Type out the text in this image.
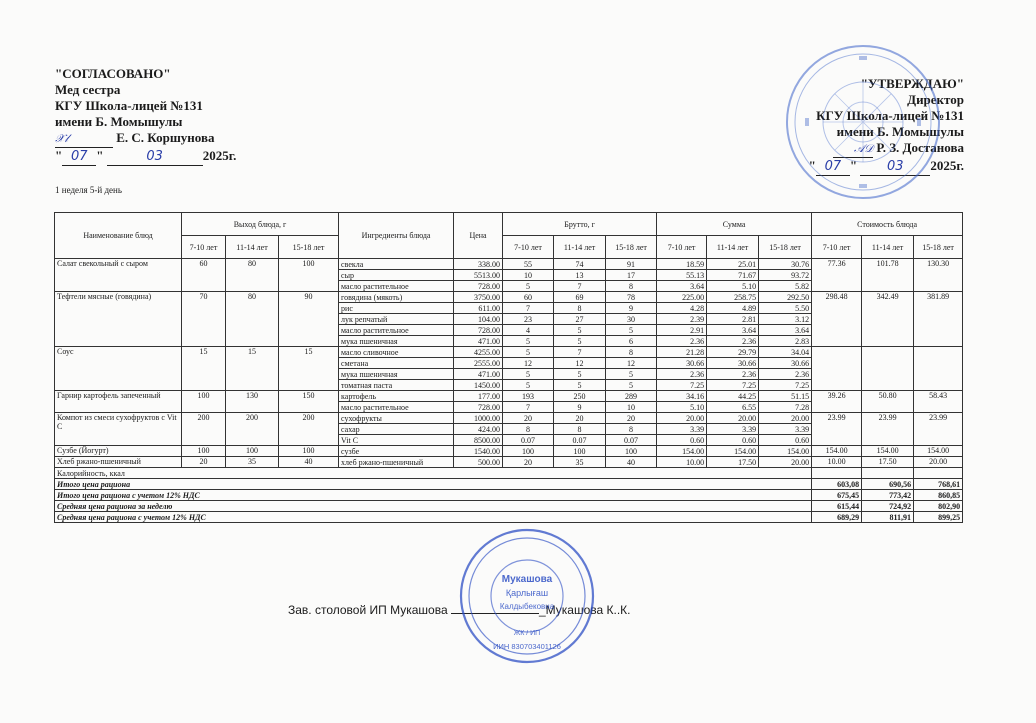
"СОГЛАСОВАНО"
Мед сестра
КГУ Школа-лицей №131
имени Б. Момышулы
𝒳𝓁	Е. С. Коршунова
" 07 "	03	2025г.
"УТВЕРЖДАЮ"
Директор
КГУ Школа-лицей №131
имени Б. Момышулы
𝒜𝒟 Р. З. Достанова
" 07 " 03 2025г.
1 неделя 5-й день
Наименование блюд	Выход блюда, г			Ингредиенты блюда	Цена	Брутто, г			Сумма			Стоимость блюда		
	7-10 лет	11-14 лет	15-18 лет			7-10 лет	11-14 лет	15-18 лет	7-10 лет	11-14 лет	15-18 лет	7-10 лет	11-14 лет	15-18 лет
Салат свекольный с сыром	60	80	100	свекла	338.00	55	74	91	18.59	25.01	30.76	77.36	101.78	130.30
				сыр	5513.00	10	13	17	55.13	71.67	93.72			
				масло растительное	728.00	5	7	8	3.64	5.10	5.82			
Тефтели мясные (говядина)	70	80	90	говядина (мякоть)	3750.00	60	69	78	225.00	258.75	292.50	298.48	342.49	381.89
				рис	611.00	7	8	9	4.28	4.89	5.50			
				лук репчатый	104.00	23	27	30	2.39	2.81	3.12			
				масло растительное	728.00	4	5	5	2.91	3.64	3.64			
				мука пшеничная	471.00	5	5	6	2.36	2.36	2.83			
Соус	15	15	15	масло сливочное	4255.00	5	7	8	21.28	29.79	34.04			
				сметана	2555.00	12	12	12	30.66	30.66	30.66			
				мука пшеничная	471.00	5	5	5	2.36	2.36	2.36			
				томатная паста	1450.00	5	5	5	7.25	7.25	7.25			
Гарнир картофель запеченный	100	130	150	картофель	177.00	193	250	289	34.16	44.25	51.15	39.26	50.80	58.43
				масло растительное	728.00	7	9	10	5.10	6.55	7.28			
Компот из смеси сухофруктов с Vit C	200	200	200	сухофрукты	1000.00	20	20	20	20.00	20.00	20.00	23.99	23.99	23.99
				сахар	424.00	8	8	8	3.39	3.39	3.39			
				Vit C	8500.00	0.07	0.07	0.07	0.60	0.60	0.60			
Сузбе (Йогурт)	100	100	100	сузбе	1540.00	100	100	100	154.00	154.00	154.00	154.00	154.00	154.00
Хлеб ржано-пшеничный	20	35	40	хлеб ржано-пшеничный	500.00	20	35	40	10.00	17.50	20.00	10.00	17.50	20.00
Калорийность, ккал														
Итого цена рациона												603,08	690,56	768,61
Итого цена рациона с учетом 12% НДС												675,45	773,42	860,85
Средняя цена рациона за неделю												615,44	724,92	802,90
Средняя цена рациона с учетом 12% НДС												689,29	811,91	899,25
Зав. столовой ИП Мукашова	_Мукашова К..К.
Мукашова
Қарлығаш
Калдыбековна
ЖК / ИП
ИИН 830703401126
